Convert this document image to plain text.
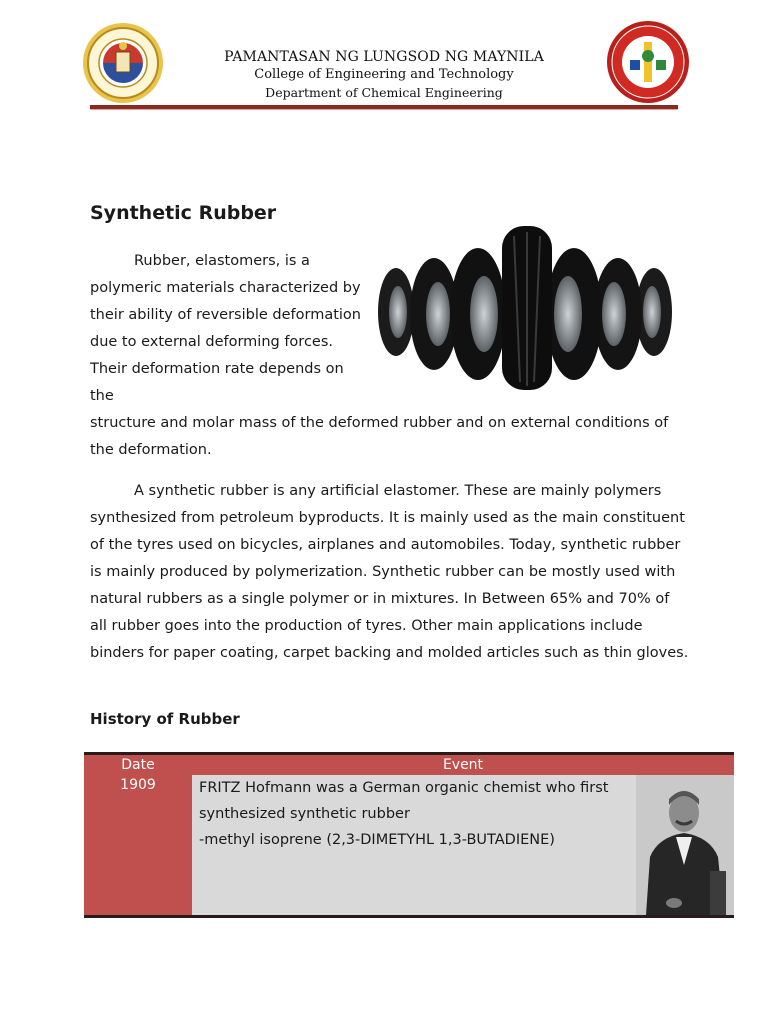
PAMANTASAN NG LUNGSOD NG MAYNILA
College of Engineering and Technology
Department of Chemical Engineering
Synthetic Rubber

Rubber, elastomers, is a polymeric materials characterized by their ability of reversible deformation due to external deforming forces. Their deformation rate depends on the

structure and molar mass of the deformed rubber and on external conditions of the deformation.

A synthetic rubber is any artificial elastomer. These are mainly polymers synthesized from petroleum byproducts. It is mainly used as the main constituent of the tyres used on bicycles, airplanes and automobiles. Today, synthetic rubber is mainly produced by polymerization. Synthetic rubber can be mostly used with natural rubbers as a single polymer or in mixtures. In Between 65% and 70% of all rubber goes into the production of tyres. Other main applications include binders for paper coating, carpet backing and molded articles such as thin gloves.

History of Rubber
Date	Event
1909	FRITZ Hofmann was a German organic chemist who first synthesized synthetic rubber
-methyl isoprene (2,3-DIMETYHL 1,3-BUTADIENE)
